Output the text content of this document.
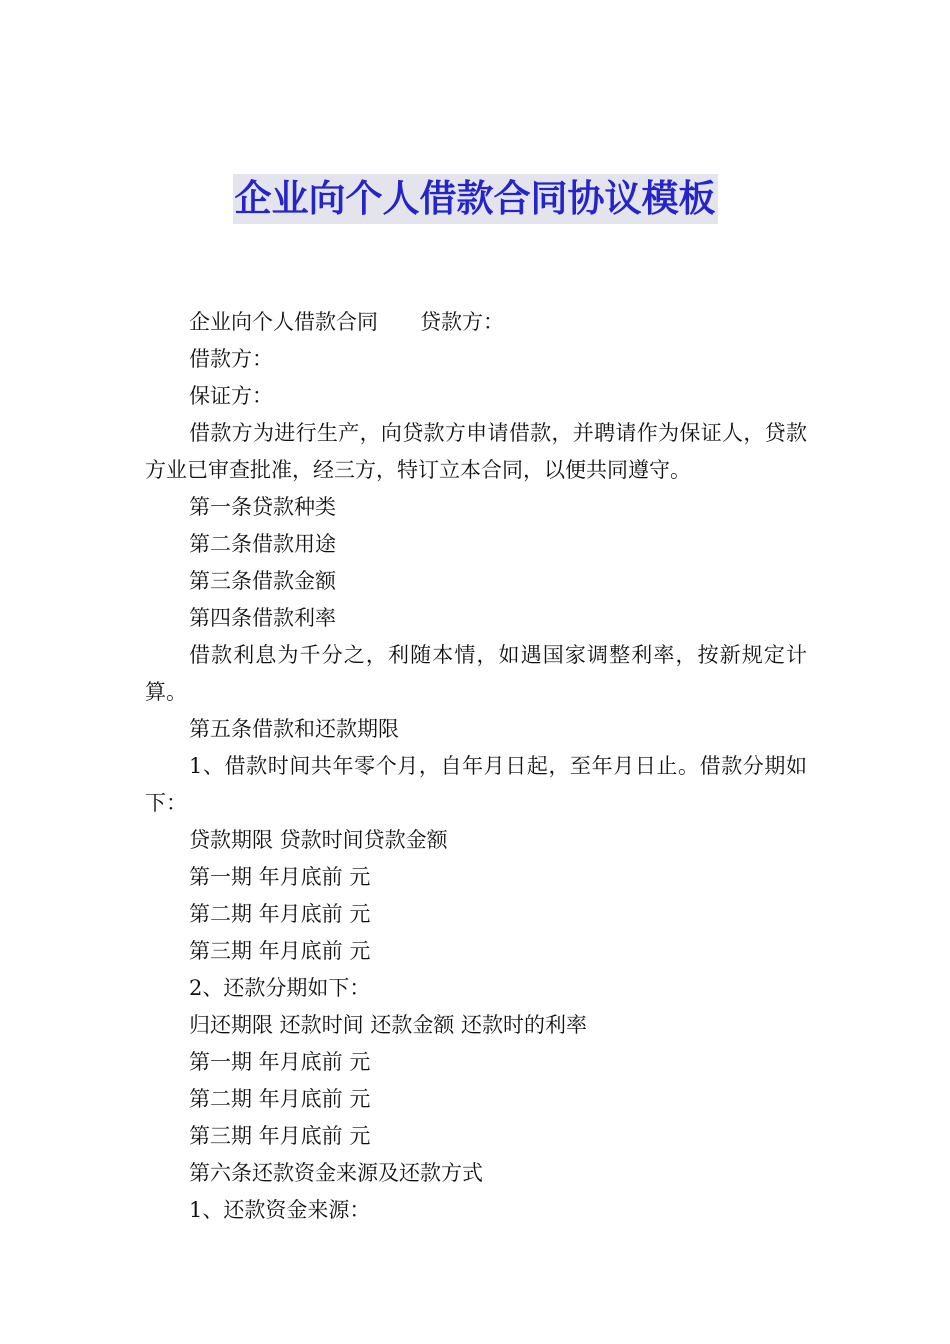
企业向个人借款合同协议模板

企业向个人借款合同　　贷款方：

借款方：

保证方：

借款方为进行生产，向贷款方申请借款，并聘请作为保证人，贷款方业已审查批准，经三方，特订立本合同，以便共同遵守。

第一条贷款种类

第二条借款用途

第三条借款金额

第四条借款利率

借款利息为千分之，利随本情，如遇国家调整利率，按新规定计算。

第五条借款和还款期限

1、借款时间共年零个月，自年月日起，至年月日止。借款分期如下：

贷款期限 贷款时间贷款金额

第一期 年月底前 元

第二期 年月底前 元

第三期 年月底前 元

2、还款分期如下：

归还期限 还款时间 还款金额 还款时的利率

第一期 年月底前 元

第二期 年月底前 元

第三期 年月底前 元

第六条还款资金来源及还款方式

1、还款资金来源：
